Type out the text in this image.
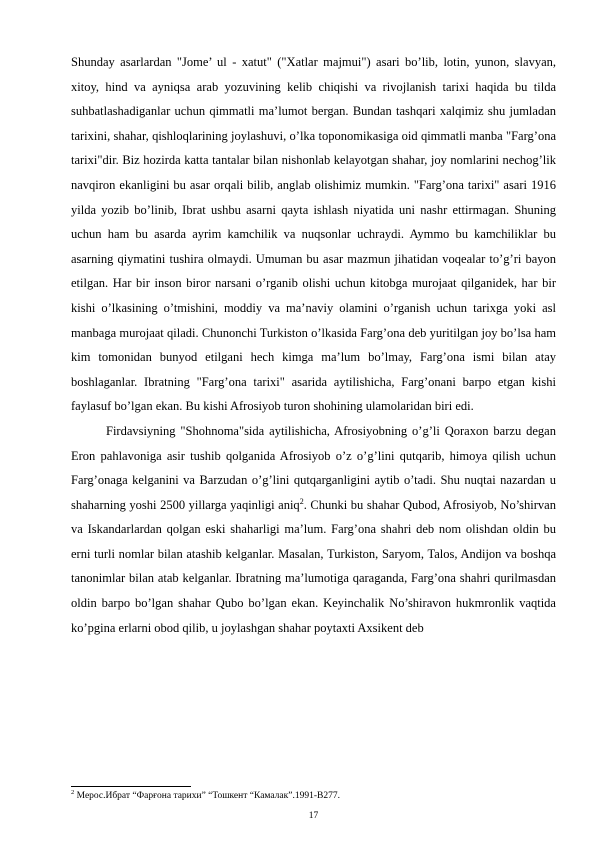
Shunday asarlardan "Jome’ ul - xatut" ("Xatlar majmui") asari bo’lib, lotin, yunon, slavyan, xitoy, hind va ayniqsa arab yozuvining kelib chiqishi va rivojlanish tarixi haqida bu tilda suhbatlashadiganlar uchun qimmatli ma’lumot bergan. Bundan tashqari xalqimiz shu jumladan tarixini, shahar, qishloqlarining joylashuvi, o’lka toponomikasiga oid qimmatli manba "Farg’ona tarixi"dir. Biz hozirda katta tantalar bilan nishonlab kelayotgan shahar, joy nomlarini nechog’lik navqiron ekanligini bu asar orqali bilib, anglab olishimiz mumkin. "Farg’ona tarixi" asari 1916 yilda yozib bo’linib, Ibrat ushbu asarni qayta ishlash niyatida uni nashr ettirmagan. Shuning uchun ham bu asarda ayrim kamchilik va nuqsonlar uchraydi. Aymmo bu kamchiliklar bu asarning qiymatini tushira olmaydi. Umuman bu asar mazmun jihatidan voqealar to’g’ri bayon etilgan. Har bir inson biror narsani o’rganib olishi uchun kitobga murojaat qilganidek, har bir kishi o’lkasining o’tmishini, moddiy va ma’naviy olamini o’rganish uchun tarixga yoki asl manbaga murojaat qiladi. Chunonchi Turkiston o’lkasida Farg’ona deb yuritilgan joy bo’lsa ham kim tomonidan bunyod etilgani hech kimga ma’lum bo’lmay, Farg’ona ismi bilan atay boshlaganlar. Ibratning "Farg’ona tarixi" asarida aytilishicha, Farg’onani barpo etgan kishi faylasuf bo’lgan ekan. Bu kishi Afrosiyob turon shohining ulamolaridan biri edi.

Firdavsiyning "Shohnoma"sida aytilishicha, Afrosiyobning o’g’li Qoraxon barzu degan Eron pahlavoniga asir tushib qolganida Afrosiyob o’z o’g’lini qutqarib, himoya qilish uchun Farg’onaga kelganini va Barzudan o’g’lini qutqarganligini aytib o’tadi. Shu nuqtai nazardan u shaharning yoshi 2500 yillarga yaqinligi aniq$^2$. Chunki bu shahar Qubod, Afrosiyob, No’shirvan va Iskandarlardan qolgan eski shaharligi ma’lum. Farg’ona shahri deb nom olishdan oldin bu erni turli nomlar bilan atashib kelganlar. Masalan, Turkiston, Saryom, Talos, Andijon va boshqa tanonimlar bilan atab kelganlar. Ibratning ma’lumotiga qaraganda, Farg’ona shahri qurilmasdan oldin barpo bo’lgan shahar Qubo bo’lgan ekan. Keyinchalik No’shiravon hukmronlik vaqtida ko’pgina erlarni obod qilib, u joylashgan shahar poytaxti Axsikent deb

$^2$ Мерос.Ибрат “Фарғона тарихи” “Тошкент “Камалак”.1991-В277.

17
